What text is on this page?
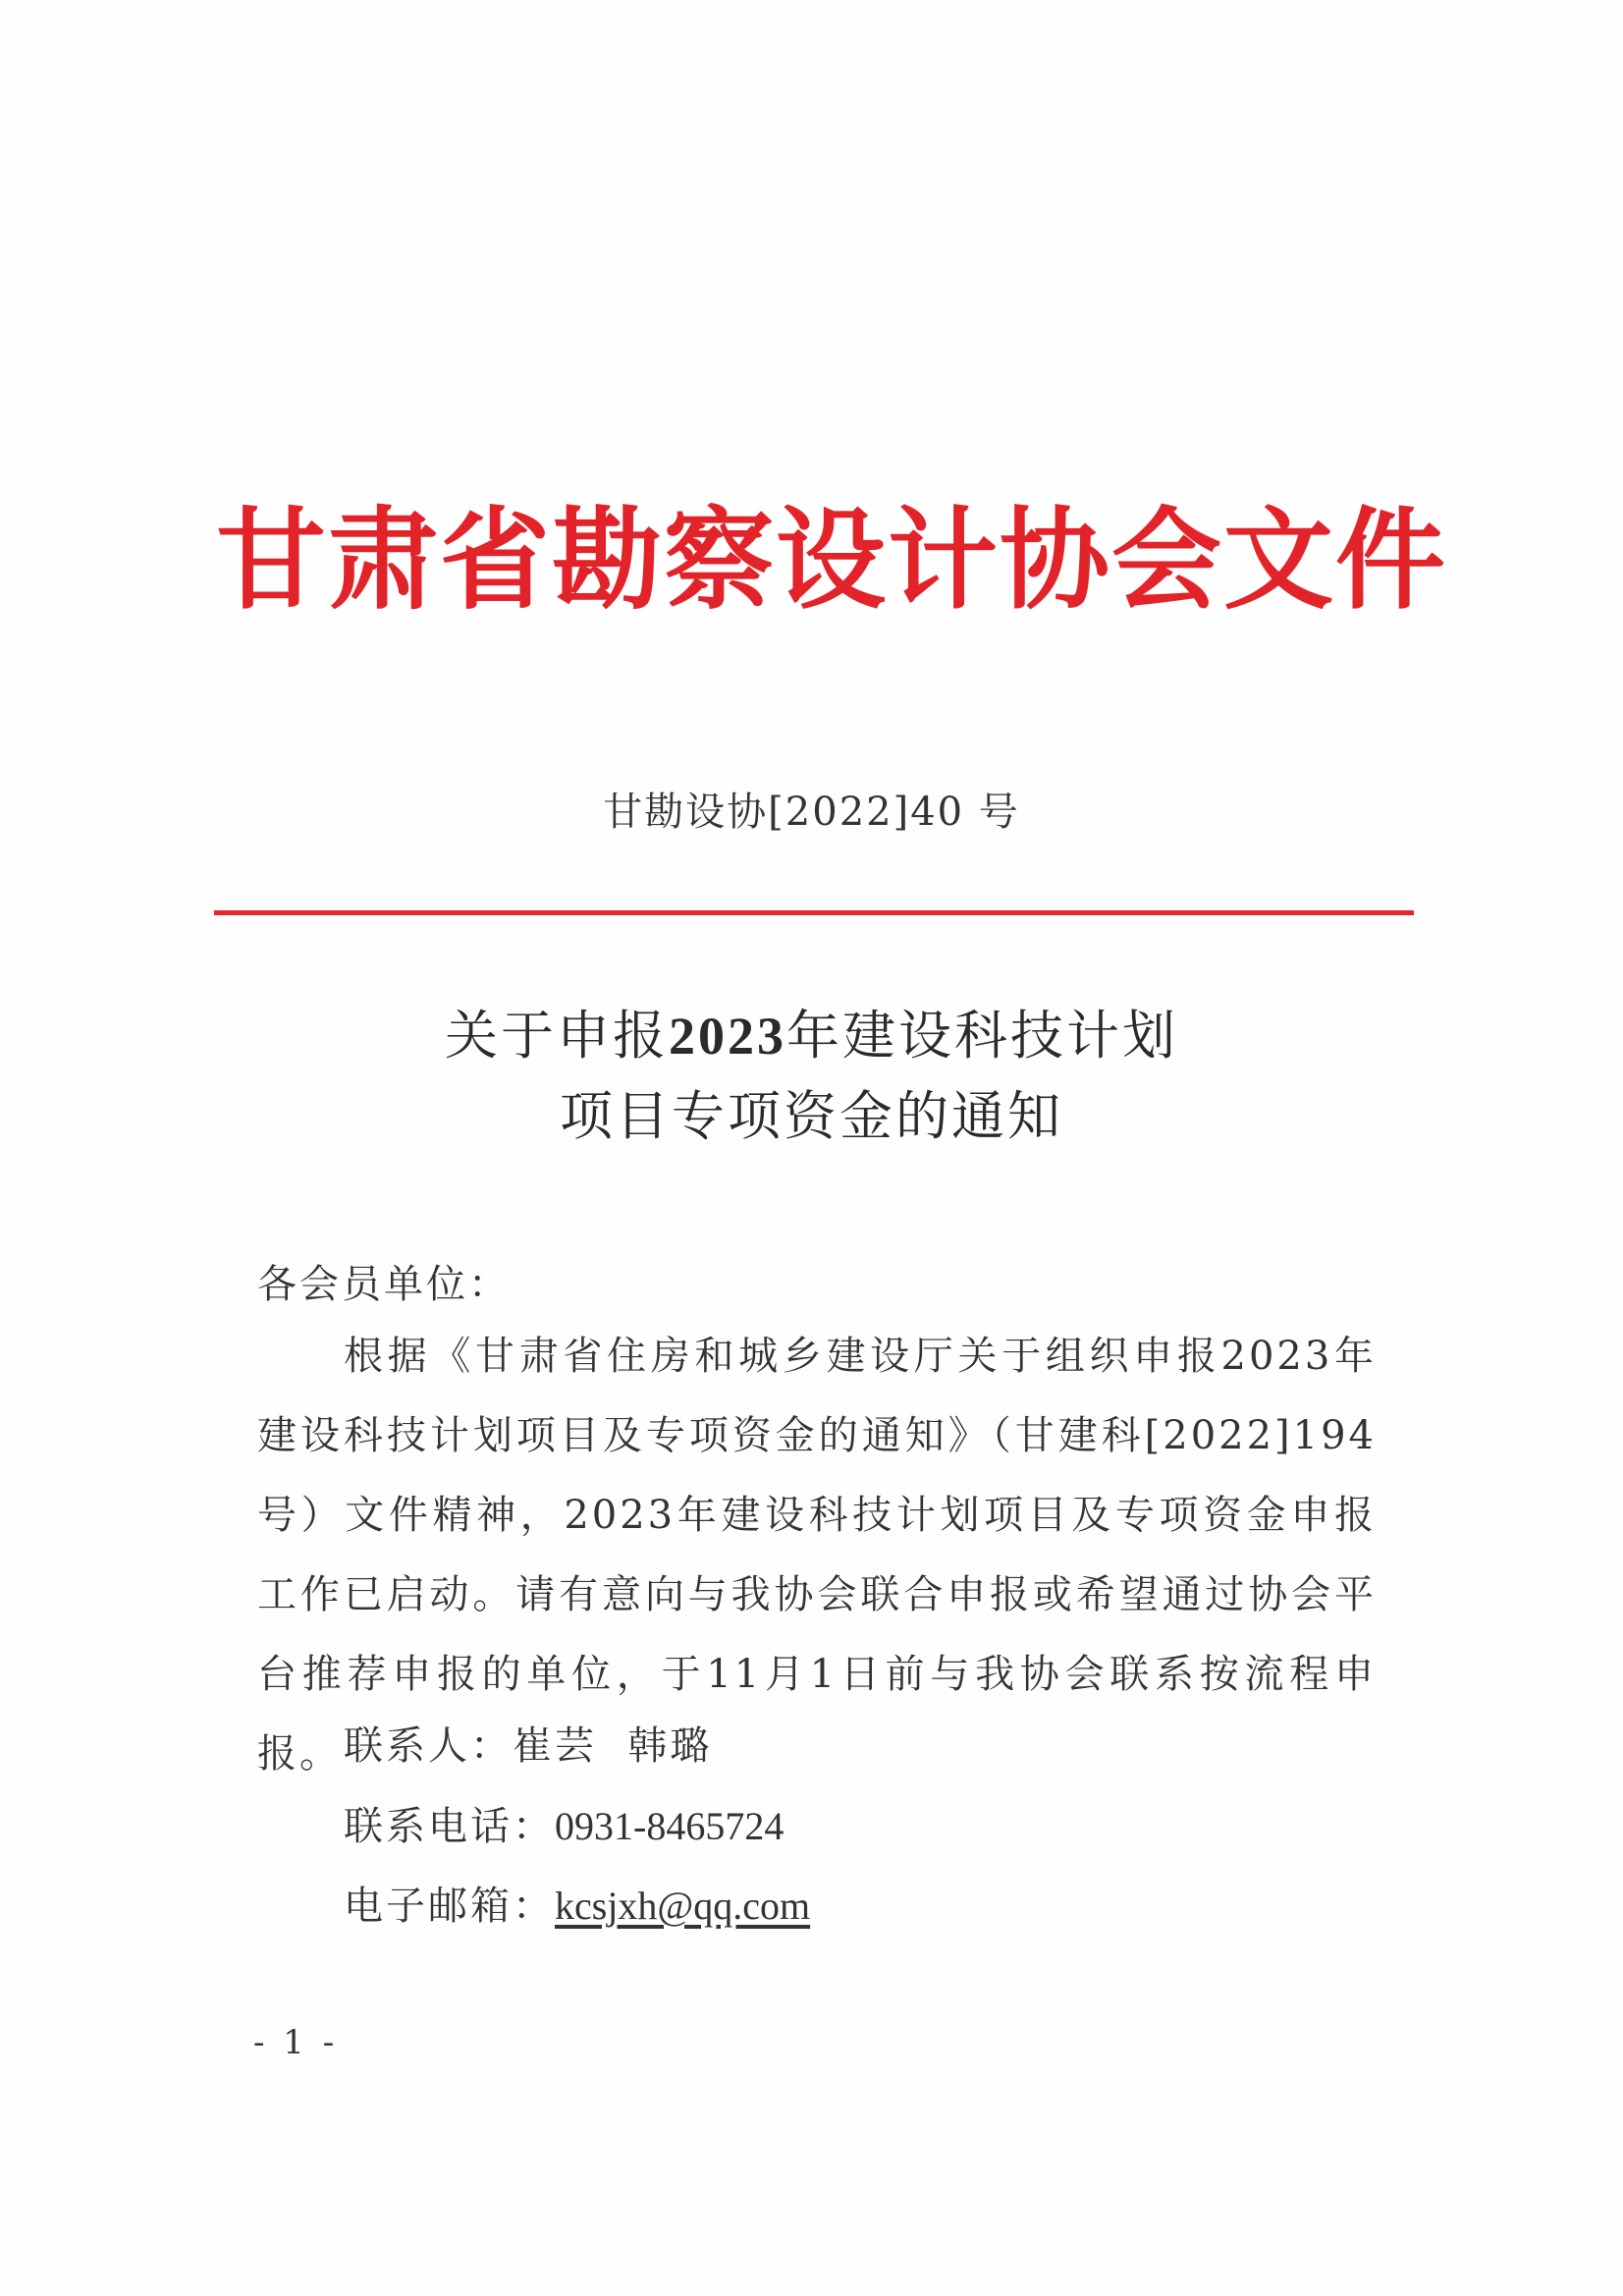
甘肃省勘察设计协会文件
甘勘设协[2022]40 号
关于申报2023年建设科技计划
项目专项资金的通知
各会员单位：
根据《甘肃省住房和城乡建设厅关于组织申报2023年建设科技计划项目及专项资金的通知》（甘建科[2022]194号）文件精神，2023年建设科技计划项目及专项资金申报工作已启动。请有意向与我协会联合申报或希望通过协会平台推荐申报的单位，于11月1日前与我协会联系按流程申报。 联系人：崔芸  韩璐
联系电话：0931-8465724
电子邮箱：kcsjxh@qq.com
- 1 -
